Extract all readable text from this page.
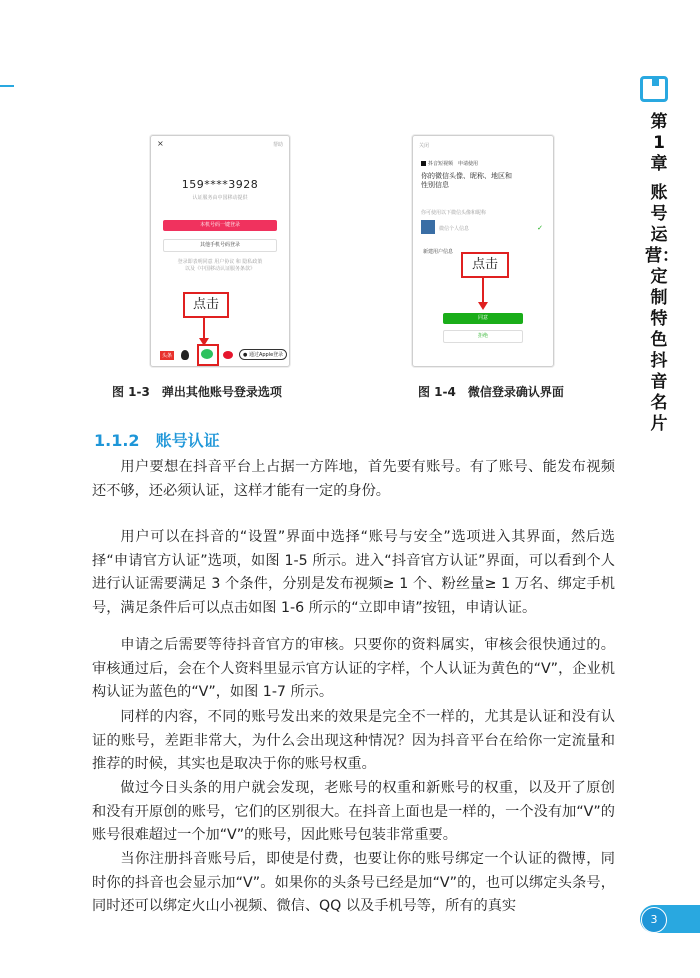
第1章
账号运营：定制特色抖音名片
×	帮助
159****3928
认证服务由中国移动提供
本机号码一键登录
其他手机号码登录
登录即表明同意 用户协议 和 隐私政策
以及《中国移动认证服务条款》
点击
头条	● 通过Apple登录
图 1-3　弹出其他账号登录选项
关闭
抖音短视频　申请使用
你的微信头像、昵称、地区和性别信息
你可使用以下微信头像和昵称
微信个人信息	✓
新建用户信息
点击
同意
拒绝
图 1-4　微信登录确认界面
1.1.2 账号认证
用户要想在抖音平台上占据一方阵地，首先要有账号。有了账号、能发布视频还不够，还必须认证，这样才能有一定的身份。
用户可以在抖音的“设置”界面中选择“账号与安全”选项进入其界面，然后选择“申请官方认证”选项，如图 1-5 所示。进入“抖音官方认证”界面，可以看到个人进行认证需要满足 3 个条件，分别是发布视频≥ 1 个、粉丝量≥ 1 万名、绑定手机号，满足条件后可以点击如图 1-6 所示的“立即申请”按钮，申请认证。
申请之后需要等待抖音官方的审核。只要你的资料属实，审核会很快通过的。审核通过后，会在个人资料里显示官方认证的字样，个人认证为黄色的“V”，企业机构认证为蓝色的“V”，如图 1-7 所示。
同样的内容，不同的账号发出来的效果是完全不一样的，尤其是认证和没有认证的账号，差距非常大，为什么会出现这种情况？因为抖音平台在给你一定流量和推荐的时候，其实也是取决于你的账号权重。
做过今日头条的用户就会发现，老账号的权重和新账号的权重，以及开了原创和没有开原创的账号，它们的区别很大。在抖音上面也是一样的，一个没有加“V”的账号很难超过一个加“V”的账号，因此账号包装非常重要。
当你注册抖音账号后，即使是付费，也要让你的账号绑定一个认证的微博，同时你的抖音也会显示加“V”。如果你的头条号已经是加“V”的，也可以绑定头条号，同时还可以绑定火山小视频、微信、QQ 以及手机号等，所有的真实
3
